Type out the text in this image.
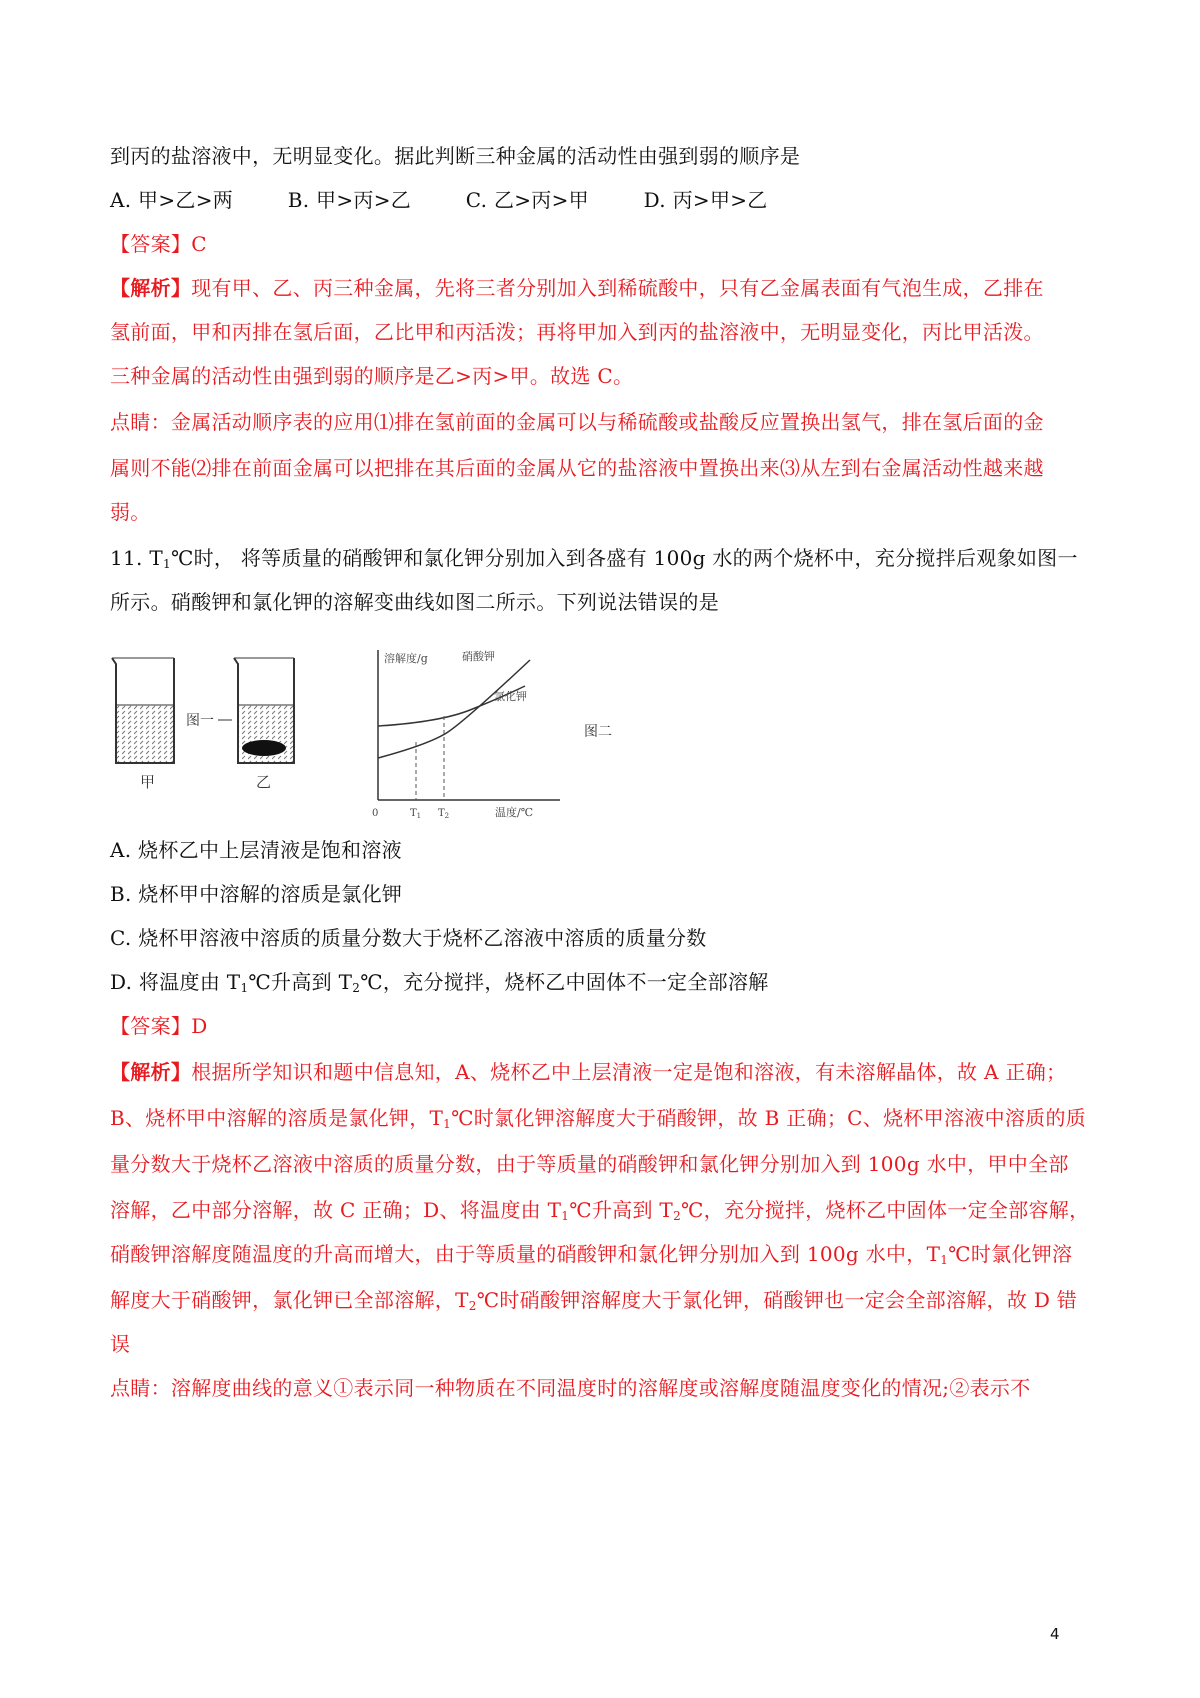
到丙的盐溶液中，无明显变化。据此判断三种金属的活动性由强到弱的顺序是
A. 甲>乙>两	B. 甲>丙>乙	C. 乙>丙>甲	D. 丙>甲>乙
【答案】C
【解析】现有甲、乙、丙三种金属，先将三者分别加入到稀硫酸中，只有乙金属表面有气泡生成，乙排在
氢前面，甲和丙排在氢后面，乙比甲和丙活泼；再将甲加入到丙的盐溶液中，无明显变化，丙比甲活泼。
三种金属的活动性由强到弱的顺序是乙>丙>甲。故选 C。
点睛：金属活动顺序表的应用⑴排在氢前面的金属可以与稀硫酸或盐酸反应置换出氢气，排在氢后面的金
属则不能⑵排在前面金属可以把排在其后面的金属从它的盐溶液中置换出来⑶从左到右金属活动性越来越
弱。
11. $T_1℃$时， 将等质量的硝酸钾和氯化钾分别加入到各盛有 100g 水的两个烧杯中，充分搅拌后观象如图一
所示。硝酸钾和氯化钾的溶解变曲线如图二所示。下列说法错误的是
甲
图一
乙
溶解度/g
温度/℃
0
硝酸钾
氯化钾
$T_1$ $T_2$
图二
A. 烧杯乙中上层清液是饱和溶液
B. 烧杯甲中溶解的溶质是氯化钾
C. 烧杯甲溶液中溶质的质量分数大于烧杯乙溶液中溶质的质量分数
D. 将温度由 $T_1℃$升高到 $T_2℃$，充分搅拌，烧杯乙中固体不一定全部溶解
【答案】D
【解析】根据所学知识和题中信息知，A、烧杯乙中上层清液一定是饱和溶液，有未溶解晶体，故 A 正确；
B、烧杯甲中溶解的溶质是氯化钾，$T_1℃$时氯化钾溶解度大于硝酸钾，故 B 正确；C、烧杯甲溶液中溶质的质
量分数大于烧杯乙溶液中溶质的质量分数，由于等质量的硝酸钾和氯化钾分别加入到 100g 水中，甲中全部
溶解，乙中部分溶解，故 C 正确；D、将温度由 $T_1℃$升高到 $T_2℃$，充分搅拌，烧杯乙中固体一定全部容解，
硝酸钾溶解度随温度的升高而增大，由于等质量的硝酸钾和氯化钾分别加入到 100g 水中，$T_1℃$时氯化钾溶
解度大于硝酸钾，氯化钾已全部溶解，$T_2℃$时硝酸钾溶解度大于氯化钾，硝酸钾也一定会全部溶解，故 D 错
误
点睛：溶解度曲线的意义①表示同一种物质在不同温度时的溶解度或溶解度随温度变化的情况;②表示不
4
